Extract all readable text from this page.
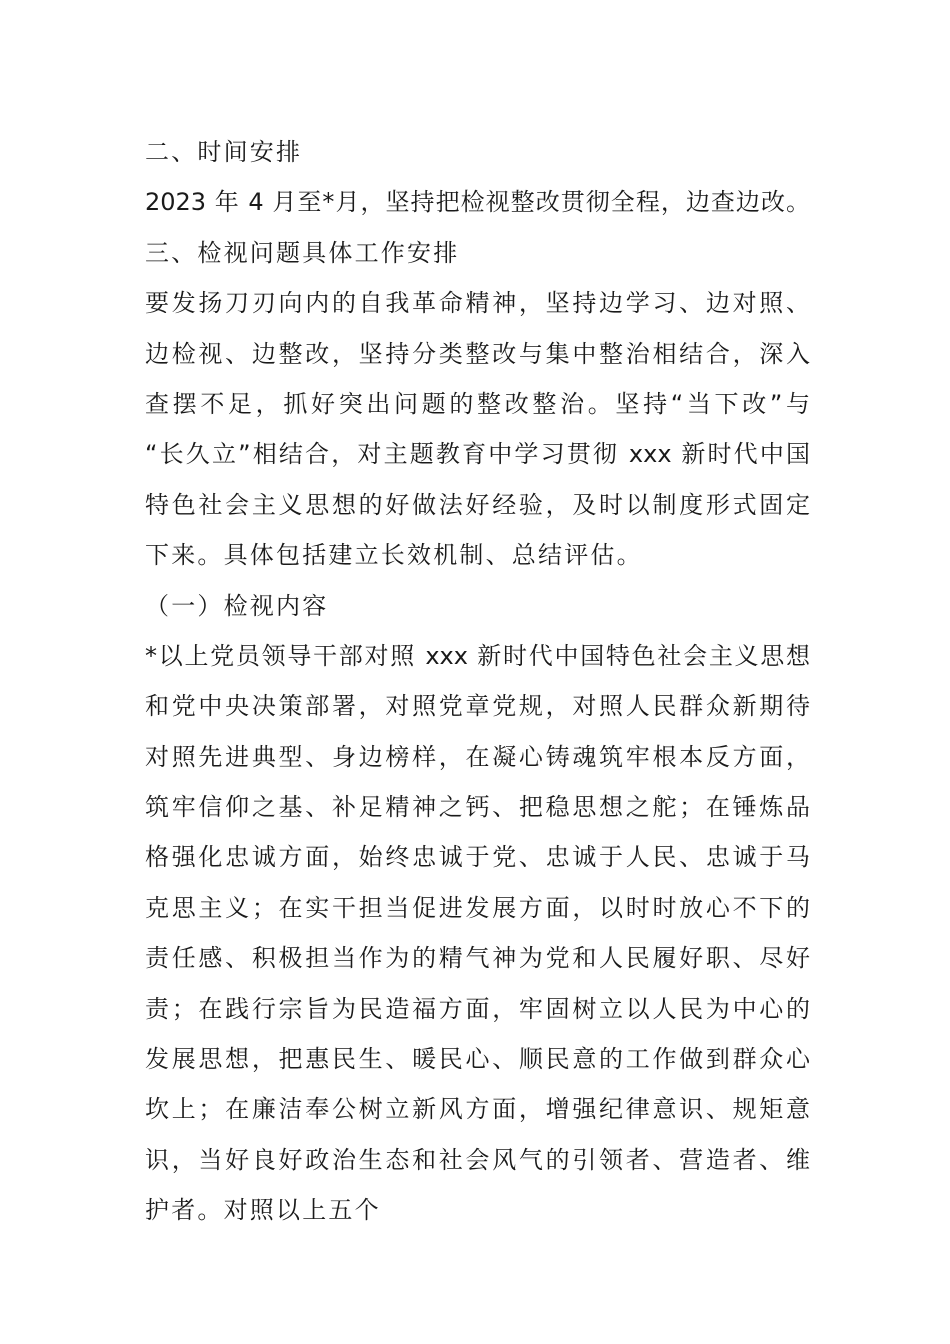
二、时间安排
2023 年 4 月至*月，坚持把检视整改贯彻全程，边查边改。
三、检视问题具体工作安排
要发扬刀刃向内的自我革命精神，坚持边学习、边对照、
边检视、边整改，坚持分类整改与集中整治相结合，深入
查摆不足，抓好突出问题的整改整治。坚持“当下改”与
“长久立”相结合，对主题教育中学习贯彻 xxx 新时代中国
特色社会主义思想的好做法好经验，及时以制度形式固定
下来。具体包括建立长效机制、总结评估。
（一）检视内容
*以上党员领导干部对照 xxx 新时代中国特色社会主义思想
和党中央决策部署，对照党章党规，对照人民群众新期待
对照先进典型、身边榜样，在凝心铸魂筑牢根本反方面，
筑牢信仰之基、补足精神之钙、把稳思想之舵；在锤炼品
格强化忠诚方面，始终忠诚于党、忠诚于人民、忠诚于马
克思主义；在实干担当促进发展方面，以时时放心不下的
责任感、积极担当作为的精气神为党和人民履好职、尽好
责；在践行宗旨为民造福方面，牢固树立以人民为中心的
发展思想，把惠民生、暖民心、顺民意的工作做到群众心
坎上；在廉洁奉公树立新风方面，增强纪律意识、规矩意
识，当好良好政治生态和社会风气的引领者、营造者、维
护者。对照以上五个
